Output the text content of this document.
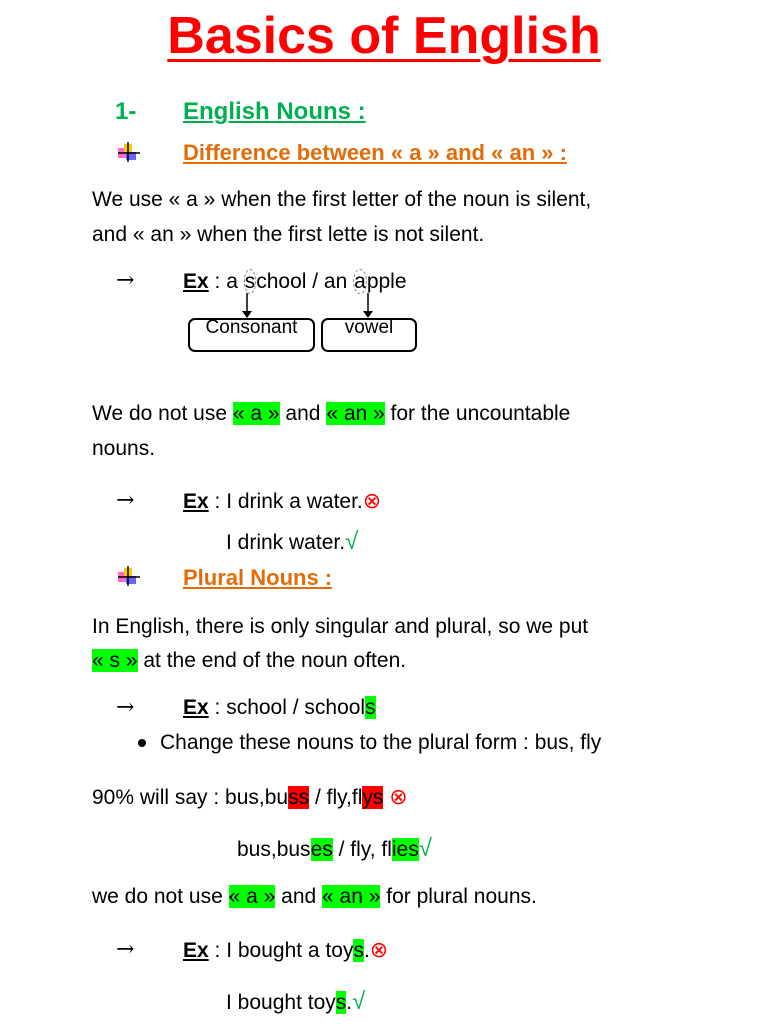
Basics of English
1- English Nouns :
Difference between « a » and « an » :
We use « a » when the first letter of the noun is silent,
and « an » when the first lette is not silent.
→ Ex : a school / an apple
Consonant	vowel
We do not use « a » and « an » for the uncountable
nouns.
→ Ex : I drink a water.⊗
I drink water.√
Plural Nouns :
In English, there is only singular and plural, so we put
« s » at the end of the noun often.
→ Ex : school / schools
Change these nouns to the plural form : bus, fly
90% will say : bus,buss / fly,flys ⊗
bus,buses / fly, flies√
we do not use « a » and « an » for plural nouns.
→ Ex : I bought a toys.⊗
I bought toys.√
